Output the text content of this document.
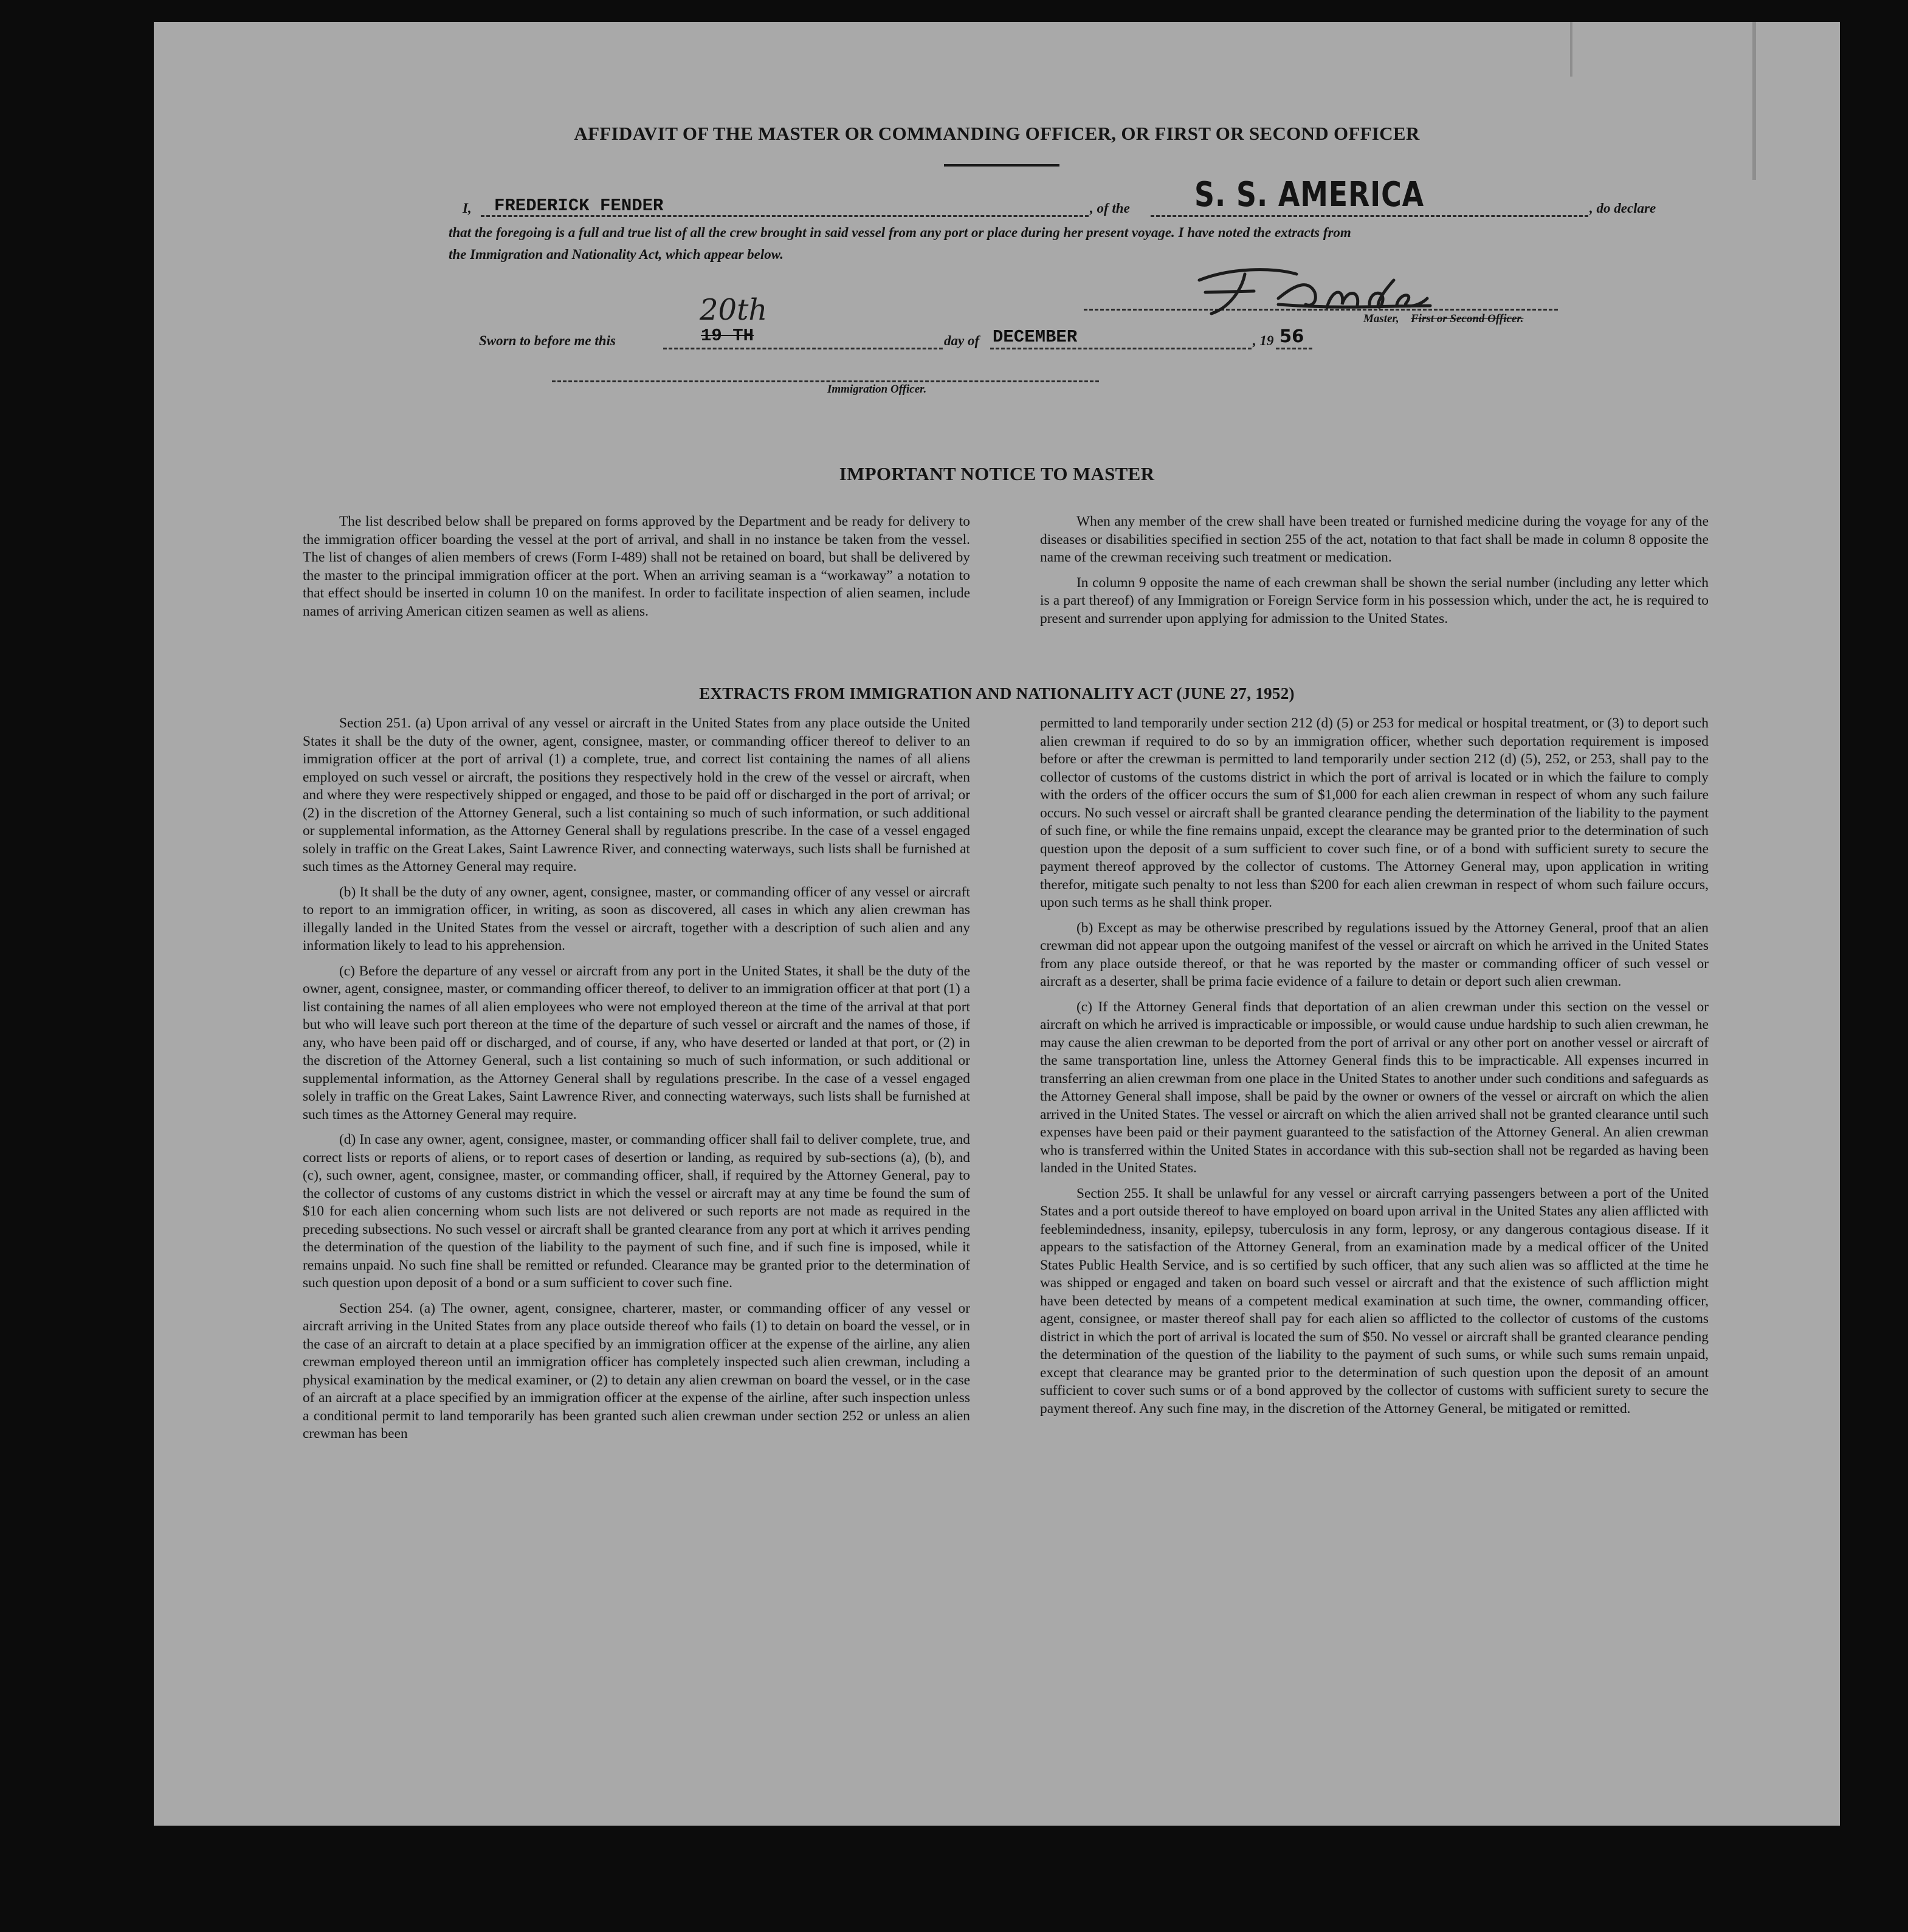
AFFIDAVIT OF THE MASTER OR COMMANDING OFFICER, OR FIRST OR SECOND OFFICER
I, FREDERICK FENDER	, of the S. S. AMERICA	, do declare
that the foregoing is a full and true list of all the crew brought in said vessel from any port or place during her present voyage. I have noted the extracts from
the Immigration and Nationality Act, which appear below.
Master, First or Second Officer.
Sworn to before me this
20th
19 TH	day of DECEMBER	, 19 56
Immigration Officer.
IMPORTANT NOTICE TO MASTER

The list described below shall be prepared on forms approved by the Department and be ready for delivery to the immigration officer boarding the vessel at the port of arrival, and shall in no instance be taken from the vessel. The list of changes of alien members of crews (Form I-489) shall not be retained on board, but shall be delivered by the master to the principal immigration officer at the port. When an arriving seaman is a “workaway” a notation to that effect should be inserted in column 10 on the manifest. In order to facilitate inspection of alien seamen, include names of arriving American citizen seamen as well as aliens.

When any member of the crew shall have been treated or furnished medicine during the voyage for any of the diseases or disabilities specified in section 255 of the act, notation to that fact shall be made in column 8 opposite the name of the crewman receiving such treatment or medication.

In column 9 opposite the name of each crewman shall be shown the serial number (including any letter which is a part thereof) of any Immigration or Foreign Service form in his possession which, under the act, he is required to present and surrender upon applying for admission to the United States.

EXTRACTS FROM IMMIGRATION AND NATIONALITY ACT (JUNE 27, 1952)

Section 251. (a) Upon arrival of any vessel or aircraft in the United States from any place outside the United States it shall be the duty of the owner, agent, consignee, master, or commanding officer thereof to deliver to an immigration officer at the port of arrival (1) a complete, true, and correct list containing the names of all aliens employed on such vessel or aircraft, the positions they respectively hold in the crew of the vessel or aircraft, when and where they were respectively shipped or engaged, and those to be paid off or discharged in the port of arrival; or (2) in the discretion of the Attorney General, such a list containing so much of such information, or such additional or supplemental information, as the Attorney General shall by regulations prescribe. In the case of a vessel engaged solely in traffic on the Great Lakes, Saint Lawrence River, and connecting waterways, such lists shall be furnished at such times as the Attorney General may require.

(b) It shall be the duty of any owner, agent, consignee, master, or commanding officer of any vessel or aircraft to report to an immigration officer, in writing, as soon as discovered, all cases in which any alien crewman has illegally landed in the United States from the vessel or aircraft, together with a description of such alien and any information likely to lead to his apprehension.

(c) Before the departure of any vessel or aircraft from any port in the United States, it shall be the duty of the owner, agent, consignee, master, or commanding officer thereof, to deliver to an immigration officer at that port (1) a list containing the names of all alien employees who were not employed thereon at the time of the arrival at that port but who will leave such port thereon at the time of the departure of such vessel or aircraft and the names of those, if any, who have been paid off or discharged, and of course, if any, who have deserted or landed at that port, or (2) in the discretion of the Attorney General, such a list containing so much of such information, or such additional or supplemental information, as the Attorney General shall by regulations prescribe. In the case of a vessel engaged solely in traffic on the Great Lakes, Saint Lawrence River, and connecting waterways, such lists shall be furnished at such times as the Attorney General may require.

(d) In case any owner, agent, consignee, master, or commanding officer shall fail to deliver complete, true, and correct lists or reports of aliens, or to report cases of desertion or landing, as required by sub-sections (a), (b), and (c), such owner, agent, consignee, master, or commanding officer, shall, if required by the Attorney General, pay to the collector of customs of any customs district in which the vessel or aircraft may at any time be found the sum of $10 for each alien concerning whom such lists are not delivered or such reports are not made as required in the preceding subsections. No such vessel or aircraft shall be granted clearance from any port at which it arrives pending the determination of the question of the liability to the payment of such fine, and if such fine is imposed, while it remains unpaid. No such fine shall be remitted or refunded. Clearance may be granted prior to the determination of such question upon deposit of a bond or a sum sufficient to cover such fine.

Section 254. (a) The owner, agent, consignee, charterer, master, or commanding officer of any vessel or aircraft arriving in the United States from any place outside thereof who fails (1) to detain on board the vessel, or in the case of an aircraft to detain at a place specified by an immigration officer at the expense of the airline, any alien crewman employed thereon until an immigration officer has completely inspected such alien crewman, including a physical examination by the medical examiner, or (2) to detain any alien crewman on board the vessel, or in the case of an aircraft at a place specified by an immigration officer at the expense of the airline, after such inspection unless a conditional permit to land temporarily has been granted such alien crewman under section 252 or unless an alien crewman has been

permitted to land temporarily under section 212 (d) (5) or 253 for medical or hospital treatment, or (3) to deport such alien crewman if required to do so by an immigration officer, whether such deportation requirement is imposed before or after the crewman is permitted to land temporarily under section 212 (d) (5), 252, or 253, shall pay to the collector of customs of the customs district in which the port of arrival is located or in which the failure to comply with the orders of the officer occurs the sum of $1,000 for each alien crewman in respect of whom any such failure occurs. No such vessel or aircraft shall be granted clearance pending the determination of the liability to the payment of such fine, or while the fine remains unpaid, except the clearance may be granted prior to the determination of such question upon the deposit of a sum sufficient to cover such fine, or of a bond with sufficient surety to secure the payment thereof approved by the collector of customs. The Attorney General may, upon application in writing therefor, mitigate such penalty to not less than $200 for each alien crewman in respect of whom such failure occurs, upon such terms as he shall think proper.

(b) Except as may be otherwise prescribed by regulations issued by the Attorney General, proof that an alien crewman did not appear upon the outgoing manifest of the vessel or aircraft on which he arrived in the United States from any place outside thereof, or that he was reported by the master or commanding officer of such vessel or aircraft as a deserter, shall be prima facie evidence of a failure to detain or deport such alien crewman.

(c) If the Attorney General finds that deportation of an alien crewman under this section on the vessel or aircraft on which he arrived is impracticable or impossible, or would cause undue hardship to such alien crewman, he may cause the alien crewman to be deported from the port of arrival or any other port on another vessel or aircraft of the same transportation line, unless the Attorney General finds this to be impracticable. All expenses incurred in transferring an alien crewman from one place in the United States to another under such conditions and safeguards as the Attorney General shall impose, shall be paid by the owner or owners of the vessel or aircraft on which the alien arrived in the United States. The vessel or aircraft on which the alien arrived shall not be granted clearance until such expenses have been paid or their payment guaranteed to the satisfaction of the Attorney General. An alien crewman who is transferred within the United States in accordance with this sub-section shall not be regarded as having been landed in the United States.

Section 255. It shall be unlawful for any vessel or aircraft carrying passengers between a port of the United States and a port outside thereof to have employed on board upon arrival in the United States any alien afflicted with feeblemindedness, insanity, epilepsy, tuberculosis in any form, leprosy, or any dangerous contagious disease. If it appears to the satisfaction of the Attorney General, from an examination made by a medical officer of the United States Public Health Service, and is so certified by such officer, that any such alien was so afflicted at the time he was shipped or engaged and taken on board such vessel or aircraft and that the existence of such affliction might have been detected by means of a competent medical examination at such time, the owner, commanding officer, agent, consignee, or master thereof shall pay for each alien so afflicted to the collector of customs of the customs district in which the port of arrival is located the sum of $50. No vessel or aircraft shall be granted clearance pending the determination of the question of the liability to the payment of such sums, or while such sums remain unpaid, except that clearance may be granted prior to the determination of such question upon the deposit of an amount sufficient to cover such sums or of a bond approved by the collector of customs with sufficient surety to secure the payment thereof. Any such fine may, in the discretion of the Attorney General, be mitigated or remitted.
